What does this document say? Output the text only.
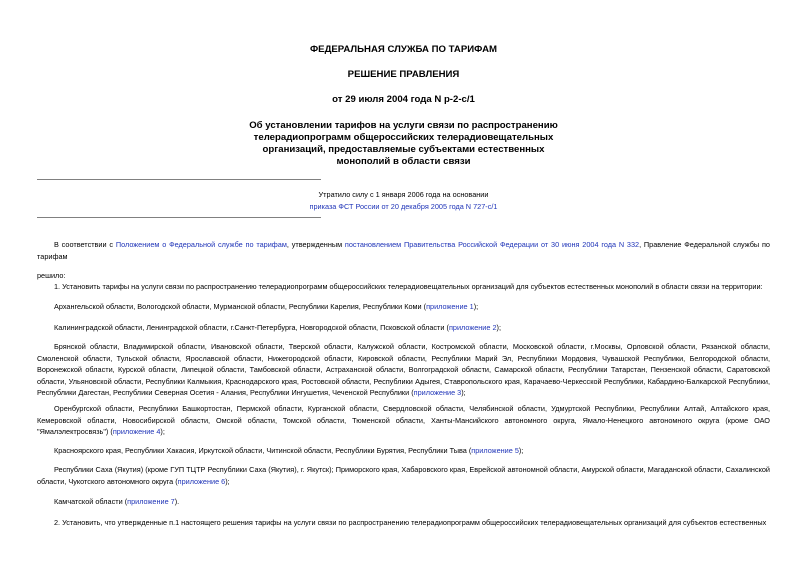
ФЕДЕРАЛЬНАЯ СЛУЖБА ПО ТАРИФАМ
РЕШЕНИЕ ПРАВЛЕНИЯ
от 29 июля 2004 года N р-2-с/1
Об установлении тарифов на услуги связи по распространению телерадиопрограмм общероссийских телерадиовещательных организаций, предоставляемые субъектами естественных монополий в области связи
Утратило силу с 1 января 2006 года на основании
приказа ФСТ России от 20 декабря 2005 года N 727-с/1
В соответствии с Положением о Федеральной службе по тарифам, утвержденным постановлением Правительства Российской Федерации от 30 июня 2004 года N 332, Правление Федеральной службы по тарифам
решило:
1. Установить тарифы на услуги связи по распространению телерадиопрограмм общероссийских телерадиовещательных организаций для субъектов естественных монополий в области связи на территории:
Архангельской области, Вологодской области, Мурманской области, Республики Карелия, Республики Коми (приложение 1);
Калининградской области, Ленинградской области, г.Санкт-Петербурга, Новгородской области, Псковской области (приложение 2);
Брянской области, Владимирской области, Ивановской области, Тверской области, Калужской области, Костромской области, Московской области, г.Москвы, Орловской области, Рязанской области, Смоленской области, Тульской области, Ярославской области, Нижегородской области, Кировской области, Республики Марий Эл, Республики Мордовия, Чувашской Республики, Белгородской области, Воронежской области, Курской области, Липецкой области, Тамбовской области, Астраханской области, Волгоградской области, Самарской области, Республики Татарстан, Пензенской области, Саратовской области, Ульяновской области, Республики Калмыкия, Краснодарского края, Ростовской области, Республики Адыгея, Ставропольского края, Карачаево-Черкесской Республики, Кабардино-Балкарской Республики, Республики Дагестан, Республики Северная Осетия - Алания, Республики Ингушетия, Чеченской Республики (приложение 3);
Оренбургской области, Республики Башкортостан, Пермской области, Курганской области, Свердловской области, Челябинской области, Удмуртской Республики, Республики Алтай, Алтайского края, Кемеровской области, Новосибирской области, Омской области, Томской области, Тюменской области, Ханты-Мансийского автономного округа, Ямало-Ненецкого автономного округа (кроме ОАО "Ямалэлектросвязь") (приложение 4);
Красноярского края, Республики Хакасия, Иркутской области, Читинской области, Республики Бурятия, Республики Тыва (приложение 5);
Республики Саха (Якутия) (кроме ГУП ТЦТР Республики Саха (Якутия), г. Якутск); Приморского края, Хабаровского края, Еврейской автономной области, Амурской области, Магаданской области, Сахалинской области, Чукотского автономного округа (приложение 6);
Камчатской области (приложение 7).
2. Установить, что утвержденные п.1 настоящего решения тарифы на услуги связи по распространению телерадиопрограмм общероссийских телерадиовещательных организаций для субъектов естественных
